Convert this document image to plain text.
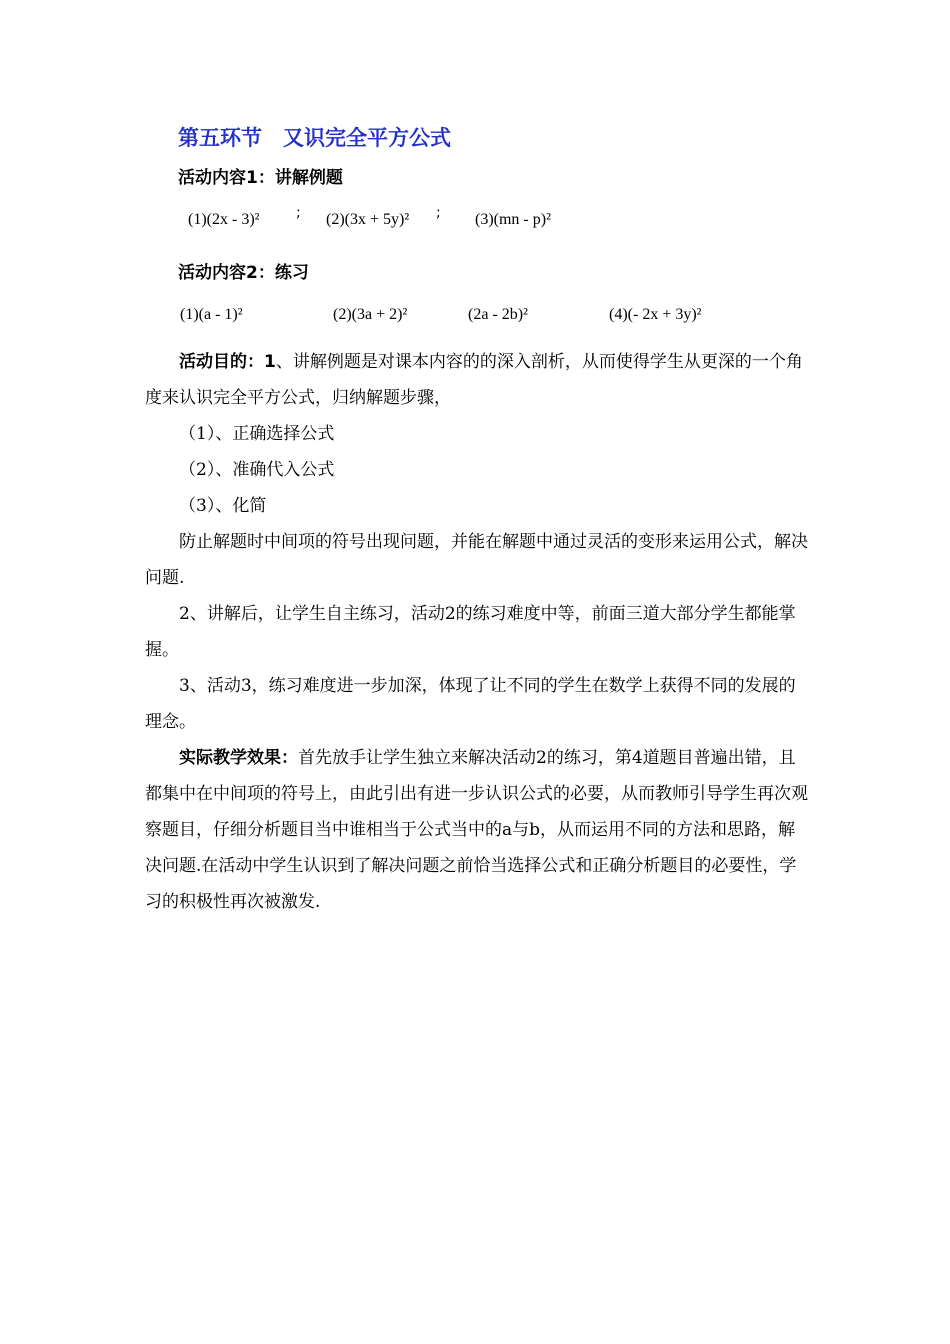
第五环节　又识完全平方公式
活动内容1：讲解例题
(1)(2x - 3)²	; (2)(3x + 5y)² ; (3)(mn - p)²
活动内容2：练习
(1)(a - 1)²	(2)(3a + 2)²	(2a - 2b)²	(4)(- 2x + 3y)²

活动目的：1、讲解例题是对课本内容的的深入剖析，从而使得学生从更深的一个角度来认识完全平方公式，归纳解题步骤，

（1）、正确选择公式

（2）、准确代入公式

（3）、化简

防止解题时中间项的符号出现问题，并能在解题中通过灵活的变形来运用公式，解决问题.

2、讲解后，让学生自主练习，活动2的练习难度中等，前面三道大部分学生都能掌握。

3、活动3，练习难度进一步加深，体现了让不同的学生在数学上获得不同的发展的理念。

实际教学效果：首先放手让学生独立来解决活动2的练习，第4道题目普遍出错，且都集中在中间项的符号上，由此引出有进一步认识公式的必要，从而教师引导学生再次观察题目，仔细分析题目当中谁相当于公式当中的a与b，从而运用不同的方法和思路，解决问题.在活动中学生认识到了解决问题之前恰当选择公式和正确分析题目的必要性，学习的积极性再次被激发.
